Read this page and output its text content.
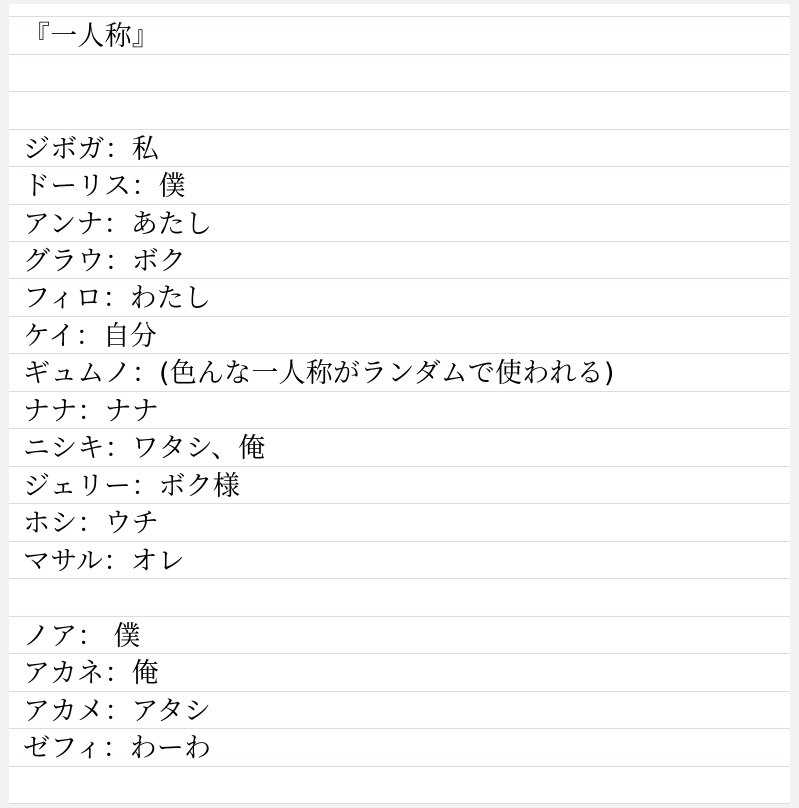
『一人称』
ジボガ：私
ドーリス：僕
アンナ：あたし
グラウ：ボク
フィロ：わたし
ケイ：自分
ギュムノ：(色んな一人称がランダムで使われる)
ナナ：ナナ
ニシキ：ワタシ、俺
ジェリー：ボク様
ホシ：ウチ
マサル：オレ
ノア： 僕
アカネ：俺
アカメ：アタシ
ゼフィ：わーわ
